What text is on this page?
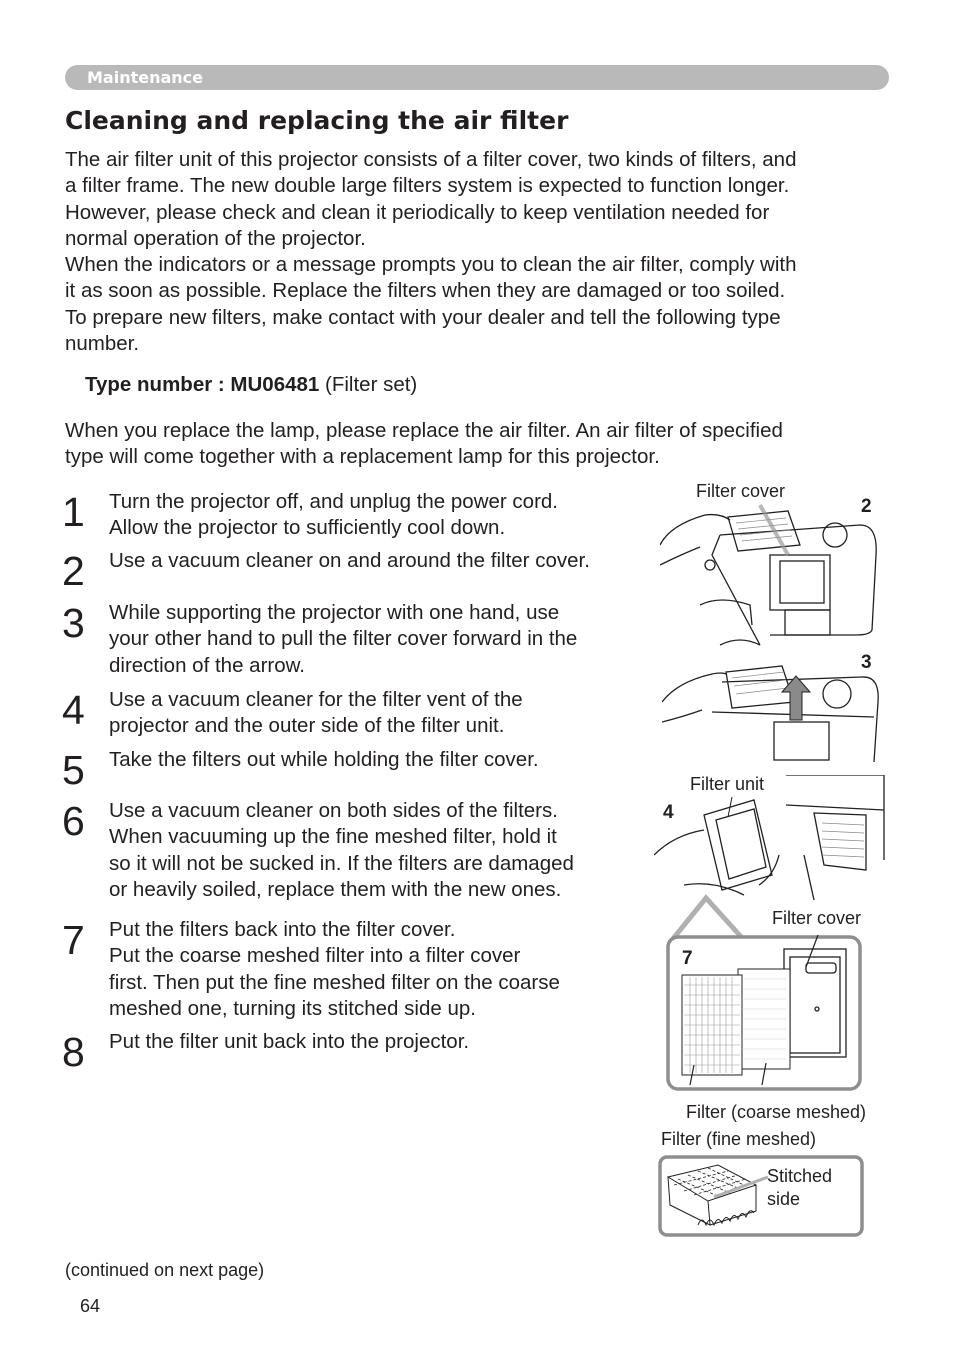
Maintenance
Cleaning and replacing the air filter
The air filter unit of this projector consists of a filter cover, two kinds of filters, and
a filter frame. The new double large filters system is expected to function longer.
However, please check and clean it periodically to keep ventilation needed for
normal operation of the projector.
When the indicators or a message prompts you to clean the air filter, comply with
it as soon as possible. Replace the filters when they are damaged or too soiled.
To prepare new filters, make contact with your dealer and tell the following type
number.
Type number : MU06481 (Filter set)
When you replace the lamp, please replace the air filter. An air filter of specified
type will come together with a replacement lamp for this projector.
1 Turn the projector off, and unplug the power cord.
Allow the projector to sufficiently cool down.
2 Use a vacuum cleaner on and around the filter cover.
3 While supporting the projector with one hand, use
your other hand to pull the filter cover forward in the
direction of the arrow.
4 Use a vacuum cleaner for the filter vent of the
projector and the outer side of the filter unit.
5 Take the filters out while holding the filter cover.
6 Use a vacuum cleaner on both sides of the filters.
When vacuuming up the fine meshed filter, hold it
so it will not be sucked in. If the filters are damaged
or heavily soiled, replace them with the new ones.
7 Put the filters back into the filter cover.
Put the coarse meshed filter into a filter cover
first. Then put the fine meshed filter on the coarse
meshed one, turning its stitched side up.
8 Put the filter unit back into the projector.
Filter cover
2
3
Filter unit
4
Filter cover
7
Filter (coarse meshed)
Filter (fine meshed)
Stitched
side
(continued on next page)
64
